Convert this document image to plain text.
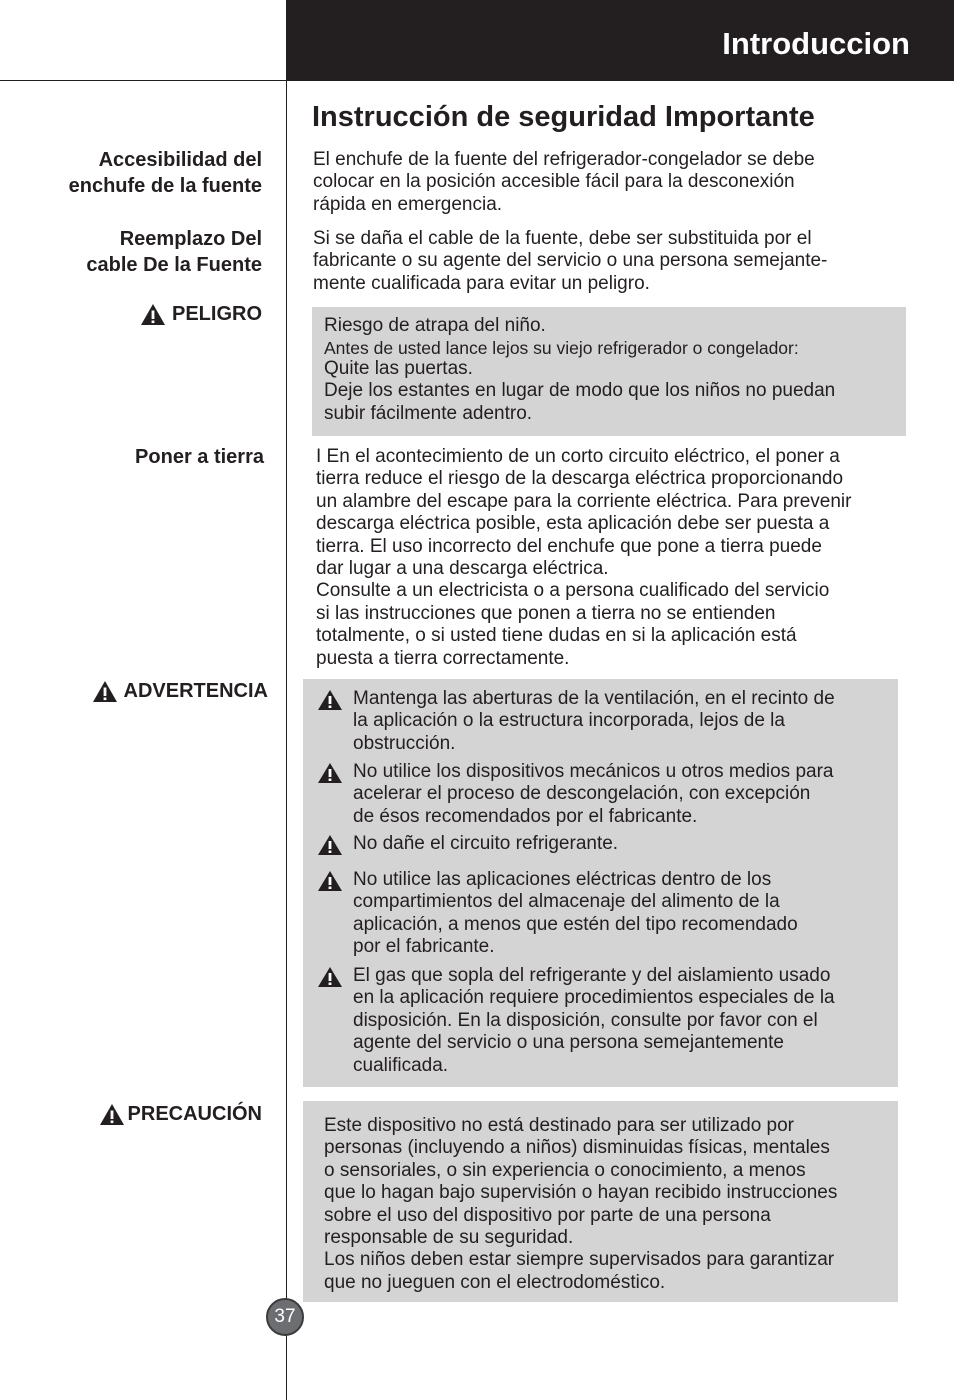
Introduccion
Instrucción de seguridad Importante
Accesibilidad del
enchufe de la fuente
Reemplazo Del
cable De la Fuente
PELIGRO
Poner a tierra
ADVERTENCIA
PRECAUCIÓN
El enchufe de la fuente del refrigerador-congelador se debe
colocar en la posición accesible fácil para la desconexión
rápida en emergencia.
Si se daña el cable de la fuente, debe ser substituida por el
fabricante o su agente del servicio o una persona semejante-
mente cualificada para evitar un peligro.
Riesgo de atrapa del niño.
Antes de usted lance lejos su viejo refrigerador o congelador:
Quite las puertas.
Deje los estantes en lugar de modo que los niños no puedan
subir fácilmente adentro.
I En el acontecimiento de un corto circuito eléctrico, el poner a
tierra reduce el riesgo de la descarga eléctrica proporcionando
un alambre del escape para la corriente eléctrica. Para prevenir
descarga eléctrica posible, esta aplicación debe ser puesta a
tierra. El uso incorrecto del enchufe que pone a tierra puede
dar lugar a una descarga eléctrica.
Consulte a un electricista o a persona cualificado del servicio
si las instrucciones que ponen a tierra no se entienden
totalmente, o si usted tiene dudas en si la aplicación está
puesta a tierra correctamente.
Mantenga las aberturas de la ventilación, en el recinto de
la aplicación o la estructura incorporada, lejos de la
obstrucción.
No utilice los dispositivos mecánicos u otros medios para
acelerar el proceso de descongelación, con excepción
de ésos recomendados por el fabricante.
No dañe el circuito refrigerante.
No utilice las aplicaciones eléctricas dentro de los
compartimientos del almacenaje del alimento de la
aplicación, a menos que estén del tipo recomendado
por el fabricante.
El gas que sopla del refrigerante y del aislamiento usado
en la aplicación requiere procedimientos especiales de la
disposición. En la disposición, consulte por favor con el
agente del servicio o una persona semejantemente
cualificada.
Este dispositivo no está destinado para ser utilizado por
personas (incluyendo a niños) disminuidas físicas, mentales
o sensoriales, o sin experiencia o conocimiento, a menos
que lo hagan bajo supervisión o hayan recibido instrucciones
sobre el uso del dispositivo por parte de una persona
responsable de su seguridad.
Los niños deben estar siempre supervisados para garantizar
que no jueguen con el electrodoméstico.
37
